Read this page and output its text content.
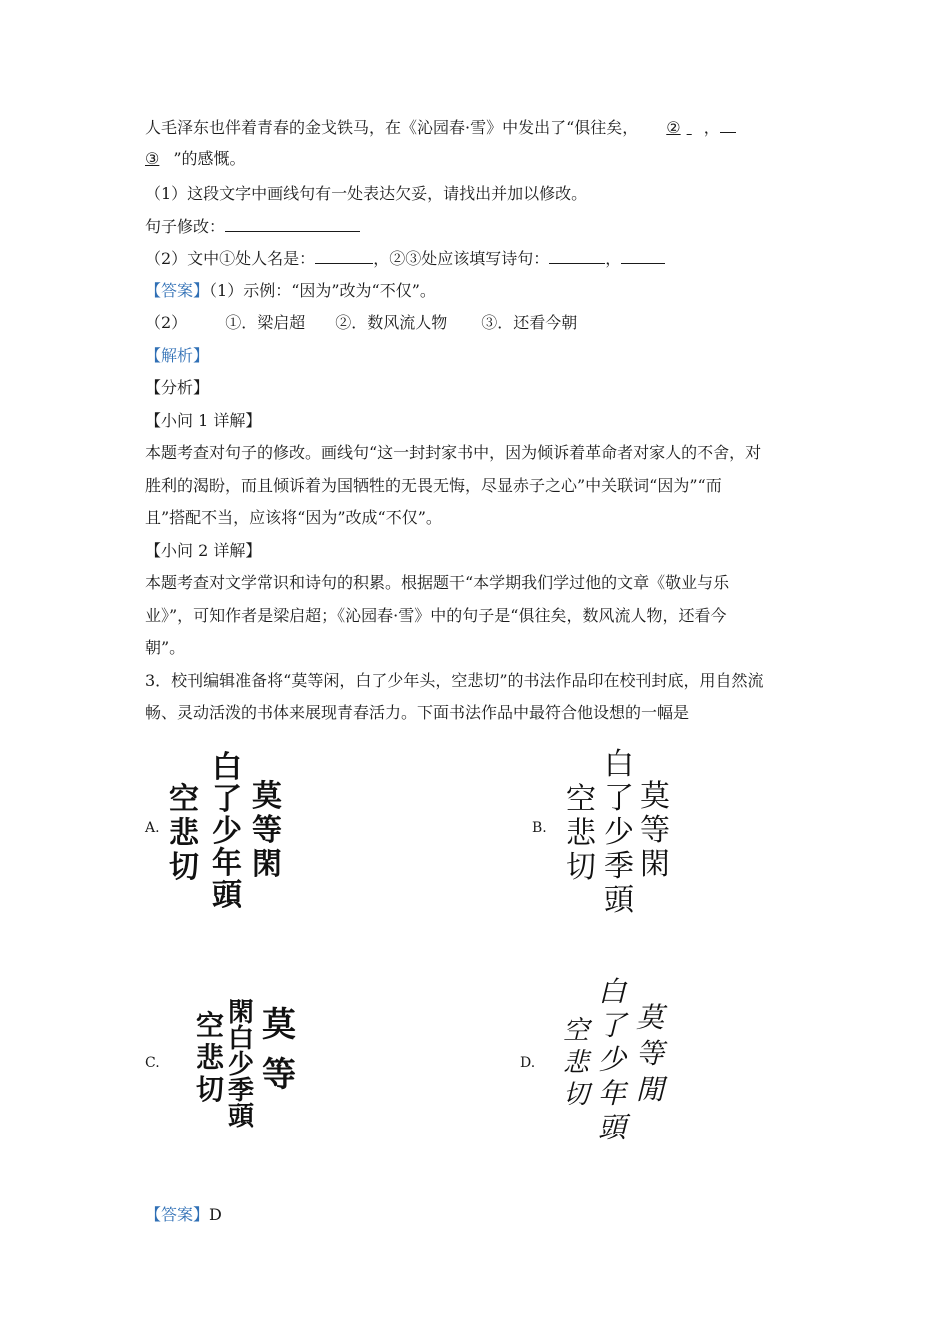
人毛泽东也伴着青春的金戈铁马，在《沁园春·雪》中发出了“俱往矣， ② ，
③ ”的感慨。
（1）这段文字中画线句有一处表达欠妥，请找出并加以修改。
句子修改：
（2）文中①处人名是：	，②③处应该填写诗句：	，
【答案】（1）示例：“因为”改为“不仅”。
（2） ①．梁启超 ②．数风流人物 ③．还看今朝
【解析】
【分析】
【小问 1 详解】
本题考查对句子的修改。画线句“这一封封家书中，因为倾诉着革命者对家人的不舍，对
胜利的渴盼，而且倾诉着为国牺牲的无畏无悔，尽显赤子之心”中关联词“因为”“而
且”搭配不当，应该将“因为”改成“不仅”。
【小问 2 详解】
本题考查对文学常识和诗句的积累。根据题干“本学期我们学过他的文章《敬业与乐
业》”，可知作者是梁启超；《沁园春·雪》中的句子是“俱往矣，数风流人物，还看今
朝”。
3．校刊编辑准备将“莫等闲，白了少年头，空悲切”的书法作品印在校刊封底，用自然流
畅、灵动活泼的书体来展现青春活力。下面书法作品中最符合他设想的一幅是
A.
莫
等
閑
白
了
少
年
頭
空
悲
切
B.
莫
等
閑
白
了
少
季
頭
空
悲
切
C.
莫
等
閑
白
少
季
頭
空
悲
切
D.
莫
等
閒
白
了
少
年
頭
空
悲
切
【答案】D
